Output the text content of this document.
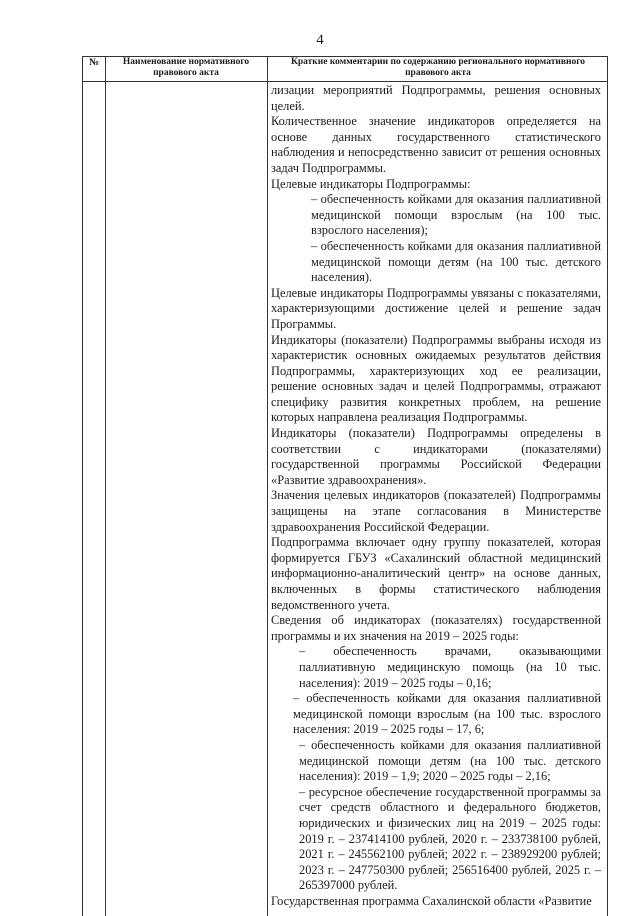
4
№	Наименование нормативного правового акта
Краткие комментарии по содержанию регионального нормативного правового акта
лизации мероприятий Подпрограммы, решения основных целей.
Количественное значение индикаторов определяется на основе данных государственного статистического наблюдения и непосредственно зависит от решения основных задач Подпрограммы.
Целевые индикаторы Подпрограммы:
– обеспеченность койками для оказания паллиативной медицинской помощи взрослым (на 100 тыс. взрослого населения);
– обеспеченность койками для оказания паллиативной медицинской помощи детям (на 100 тыс. детского населения).
Целевые индикаторы Подпрограммы увязаны с показателями, характеризующими достижение целей и решение задач Программы.
Индикаторы (показатели) Подпрограммы выбраны исходя из характеристик основных ожидаемых результатов действия Подпрограммы, характеризующих ход ее реализации, решение основных задач и целей Подпрограммы, отражают специфику развития конкретных проблем, на решение которых направлена реализация Подпрограммы.
Индикаторы (показатели) Подпрограммы определены в соответствии с индикаторами (показателями) государственной программы Российской Федерации «Развитие здравоохранения».
Значения целевых индикаторов (показателей) Подпрограммы защищены на этапе согласования в Министерстве здравоохранения Российской Федерации.
Подпрограмма включает одну группу показателей, которая формируется ГБУЗ «Сахалинский областной медицинский информационно-аналитический центр» на основе данных, включенных в формы статистического наблюдения ведомственного учета.
Сведения об индикаторах (показателях) государственной программы и их значения на 2019 – 2025 годы:
– обеспеченность врачами, оказывающими паллиативную медицинскую помощь (на 10 тыс. населения): 2019 – 2025 годы – 0,16;
– обеспеченность койками для оказания паллиативной медицинской помощи взрослым (на 100 тыс. взрослого населения: 2019 – 2025 годы – 17, 6;
– обеспеченность койками для оказания паллиативной медицинской помощи детям (на 100 тыс. детского населения): 2019 – 1,9; 2020 – 2025 годы – 2,16;
– ресурсное обеспечение государственной программы за счет средств областного и федерального бюджетов, юридических и физических лиц на 2019 – 2025 годы: 2019 г. – 237414100 рублей, 2020 г. – 233738100 рублей, 2021 г. – 245562100 рублей; 2022 г. – 238929200 рублей; 2023 г. – 247750300 рублей; 256516400 рублей, 2025 г. – 265397000 рублей.
Государственная программа Сахалинской области «Развитие
